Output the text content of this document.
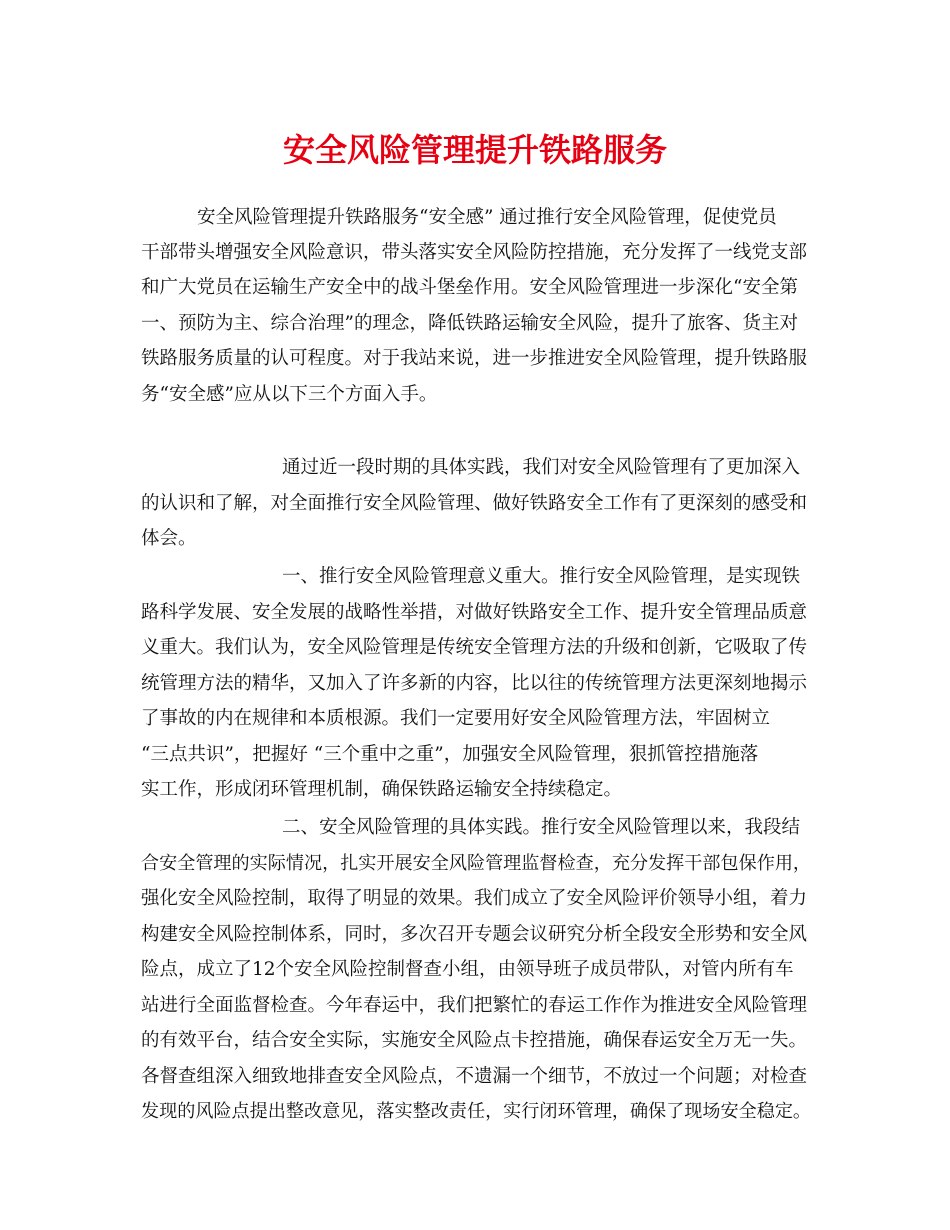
安全风险管理提升铁路服务

安全风险管理提升铁路服务“安全感” 通过推行安全风险管理，促使党员

干部带头增强安全风险意识，带头落实安全风险防控措施，充分发挥了一线党支部

和广大党员在运输生产安全中的战斗堡垒作用。安全风险管理进一步深化“安全第

一、预防为主、综合治理”的理念，降低铁路运输安全风险，提升了旅客、货主对

铁路服务质量的认可程度。对于我站来说，进一步推进安全风险管理，提升铁路服

务“安全感”应从以下三个方面入手。

通过近一段时期的具体实践，我们对安全风险管理有了更加深入

的认识和了解，对全面推行安全风险管理、做好铁路安全工作有了更深刻的感受和

体会。

一、推行安全风险管理意义重大。推行安全风险管理，是实现铁

路科学发展、安全发展的战略性举措，对做好铁路安全工作、提升安全管理品质意

义重大。我们认为，安全风险管理是传统安全管理方法的升级和创新，它吸取了传

统管理方法的精华，又加入了许多新的内容，比以往的传统管理方法更深刻地揭示

了事故的内在规律和本质根源。我们一定要用好安全风险管理方法，牢固树立

“三点共识”，把握好 “三个重中之重”，加强安全风险管理，狠抓管控措施落

实工作，形成闭环管理机制，确保铁路运输安全持续稳定。

二、安全风险管理的具体实践。推行安全风险管理以来，我段结

合安全管理的实际情况，扎实开展安全风险管理监督检查，充分发挥干部包保作用，

强化安全风险控制，取得了明显的效果。我们成立了安全风险评价领导小组，着力

构建安全风险控制体系，同时，多次召开专题会议研究分析全段安全形势和安全风

险点，成立了12个安全风险控制督查小组，由领导班子成员带队，对管内所有车

站进行全面监督检查。今年春运中，我们把繁忙的春运工作作为推进安全风险管理

的有效平台，结合安全实际，实施安全风险点卡控措施，确保春运安全万无一失。

各督查组深入细致地排查安全风险点，不遗漏一个细节，不放过一个问题；对检查

发现的风险点提出整改意见，落实整改责任，实行闭环管理，确保了现场安全稳定。
